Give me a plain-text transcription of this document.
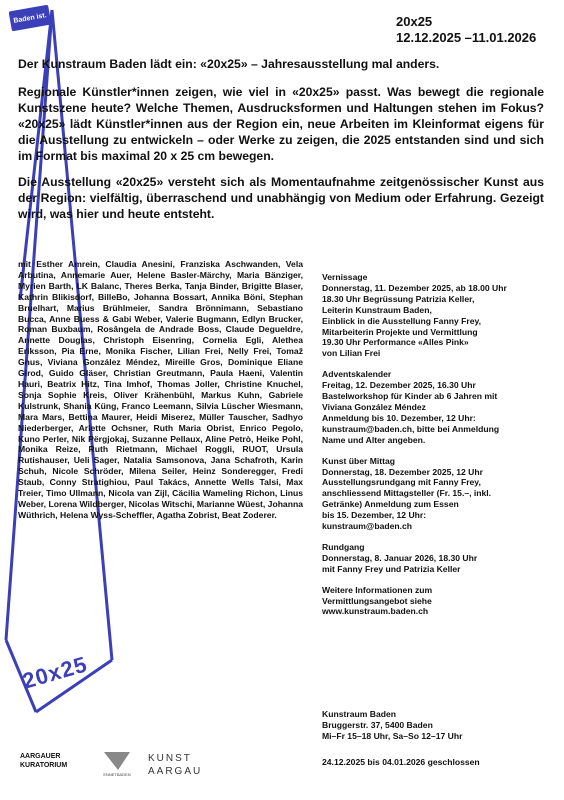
Baden ist.	20x25
12.12.2025 –11.01.2026

Der Kunstraum Baden lädt ein: «20x25» – Jahresausstellung mal anders.

Regionale Künstler*innen zeigen, wie viel in «20x25» passt. Was bewegt die regionale Kunstszene heute? Welche Themen, Ausdrucksformen und Haltungen stehen im Fokus? «20x25» lädt Künstler*innen aus der Region ein, neue Arbeiten im Kleinformat eigens für die Ausstellung zu entwickeln – oder Werke zu zeigen, die 2025 entstanden sind und sich im Format bis maximal 20 x 25 cm bewegen.

Die Ausstellung «20x25» versteht sich als Momentaufnahme zeitgenössischer Kunst aus der Region: vielfältig, überraschend und unabhängig von Medium oder Erfahrung. Gezeigt wird, was hier und heute entsteht.

mit Esther Amrein, Claudia Anesini, Franziska Aschwanden, Vela Arbutina, Annemarie Auer, Helene Basler-Märchy, Maria Bänziger, Myrien Barth, LK Balanc, Theres Berka, Tanja Binder, Brigitte Blaser, Kathrin Blikisdorf, BilleBo, Johanna Bossart, Annika Böni, Stephan Bruelhart, Marius Brühlmeier, Sandra Brönnimann, Sebastiano Bucca, Anne Buess & Gabi Weber, Valerie Bugmann, Edlyn Brucker, Roman Buxbaum, Rosângela de Andrade Boss, Claude Degueldre, Annette Douglas, Christoph Eisenring, Cornelia Egli, Alethea Eriksson, Pia Erne, Monika Fischer, Lilian Frei, Nelly Frei, Tomaž Gnus, Viviana González Méndez, Mireille Gros, Dominique Eliane Girod, Guido Gläser, Christian Greutmann, Paula Haeni, Valentin Hauri, Beatrix Hitz, Tina Imhof, Thomas Joller, Christine Knuchel, Sonja Sophie Kreis, Oliver Krähenbühl, Markus Kuhn, Gabriele Kulstrunk, Shania Küng, Franco Leemann, Silvia Lüscher Wiesmann, Mara Mars, Bettina Maurer, Heidi Miserez, Müller Tauscher, Sadhyo Niederberger, Arlette Ochsner, Ruth Maria Obrist, Enrico Pegolo, Kuno Perler, Nik Përgjokaj, Suzanne Pellaux, Aline Petrò, Heike Pohl, Monika Reize, Ruth Rietmann, Michael Roggli, RUOT, Ursula Rutishauser, Ueli Sager, Natalia Samsonova, Jana Schafroth, Karin Schuh, Nicole Schröder, Milena Seiler, Heinz Sonderegger, Fredi Staub, Conny Stratighiou, Paul Takács, Annette Wells Talsi, Max Treier, Timo Ullmann, Nicola van Zijl, Cäcilia Wameling Richon, Linus Weber, Lorena Wildberger, Nicolas Witschi, Marianne Wüest, Johanna Wüthrich, Helena Wyss-Scheffler, Agatha Zobrist, Beat Zoderer.
Vernissage
Donnerstag, 11. Dezember 2025, ab 18.00 Uhr
18.30 Uhr Begrüssung Patrizia Keller,
Leiterin Kunstraum Baden,
Einblick in die Ausstellung Fanny Frey,
Mitarbeiterin Projekte und Vermittlung
19.30 Uhr Performance «Alles Pink»
von Lilian Frei
Adventskalender
Freitag, 12. Dezember 2025, 16.30 Uhr
Bastelworkshop für Kinder ab 6 Jahren mit
Viviana González Méndez
Anmeldung bis 10. Dezember, 12 Uhr:
kunstraum@baden.ch, bitte bei Anmeldung
Name und Alter angeben.
Kunst über Mittag
Donnerstag, 18. Dezember 2025, 12 Uhr
Ausstellungsrundgang mit Fanny Frey,
anschliessend Mittagsteller (Fr. 15.–, inkl.
Getränke) Anmeldung zum Essen
bis 15. Dezember, 12 Uhr:
kunstraum@baden.ch
Rundgang
Donnerstag, 8. Januar 2026, 18.30 Uhr
mit Fanny Frey und Patrizia Keller
Weitere Informationen zum
Vermittlungsangebot siehe
www.kunstraum.baden.ch
Kunstraum Baden
Bruggerstr. 37, 5400 Baden
Mi–Fr 15–18 Uhr, Sa–So 12–17 Uhr
24.12.2025 bis 04.01.2026 geschlossen
20x25
AARGAUER
KURATORIUM
ENNETBADEN
KUNST
AARGAU
